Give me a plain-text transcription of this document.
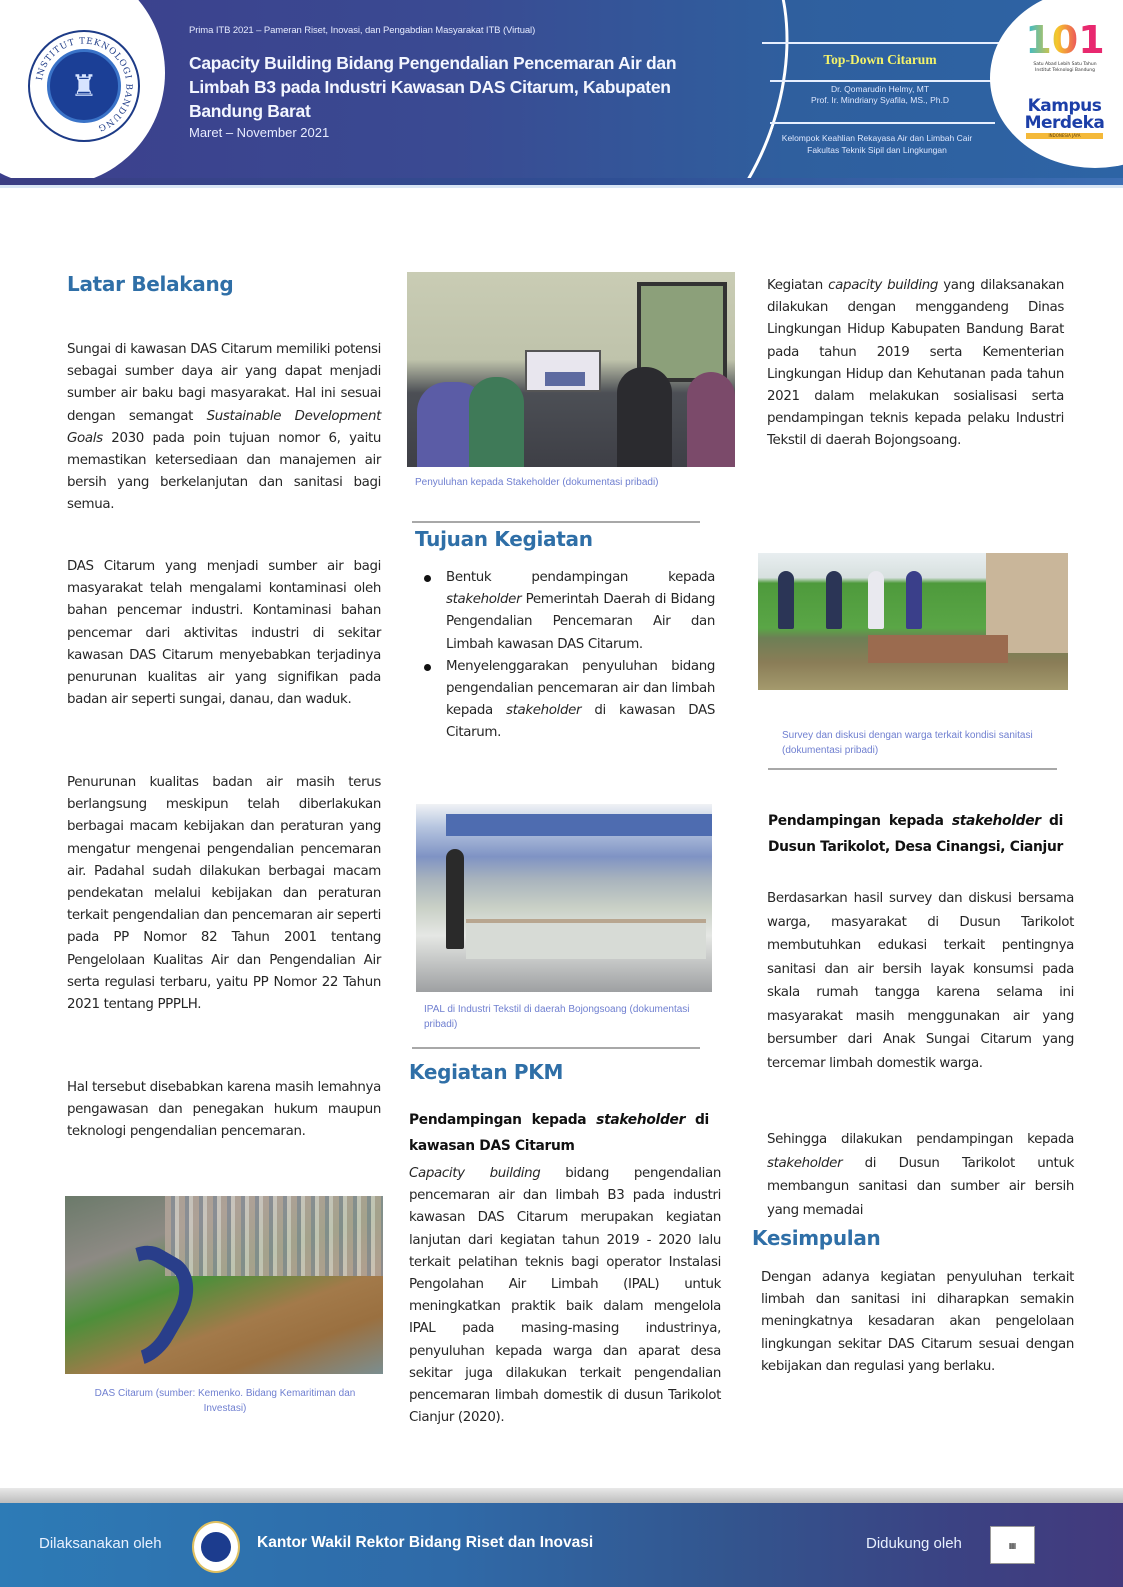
INSTITUT TEKNOLOGI BANDUNG
♜
Prima ITB 2021 – Pameran Riset, Inovasi, dan Pengabdian Masyarakat ITB (Virtual)
Capacity Building Bidang Pengendalian Pencemaran Air dan
Limbah B3 pada Industri Kawasan DAS Citarum, Kabupaten
Bandung Barat
Maret – November 2021
Top-Down Citarum
Dr. Qomarudin Helmy, MT
Prof. Ir. Mindriany Syafila, MS., Ph.D
Kelompok Keahlian Rekayasa Air dan Limbah Cair
Fakultas Teknik Sipil dan Lingkungan
101
Satu Abad Lebih Satu Tahun Institut Teknologi Bandung
Kampus
Merdeka
INDONESIA JAYA
Latar Belakang
Sungai di kawasan DAS Citarum memiliki potensi sebagai sumber daya air yang dapat menjadi sumber air baku bagi masyarakat. Hal ini sesuai dengan semangat Sustainable Development Goals 2030 pada poin tujuan nomor 6, yaitu memastikan ketersediaan dan manajemen air bersih yang berkelanjutan dan sanitasi bagi semua.
DAS Citarum yang menjadi sumber air bagi masyarakat telah mengalami kontaminasi oleh bahan pencemar industri. Kontaminasi bahan pencemar dari aktivitas industri di sekitar kawasan DAS Citarum menyebabkan terjadinya penurunan kualitas air yang signifikan pada badan air seperti sungai, danau, dan waduk.
Penurunan kualitas badan air masih terus berlangsung meskipun telah diberlakukan berbagai macam kebijakan dan peraturan yang mengatur mengenai pengendalian pencemaran air. Padahal sudah dilakukan berbagai macam pendekatan melalui kebijakan dan peraturan terkait pengendalian dan pencemaran air seperti pada PP Nomor 82 Tahun 2001 tentang Pengelolaan Kualitas Air dan Pengendalian Air serta regulasi terbaru, yaitu PP Nomor 22 Tahun 2021 tentang PPPLH.
Hal tersebut disebabkan karena masih lemahnya pengawasan dan penegakan hukum maupun teknologi pengendalian pencemaran.
DAS Citarum (sumber: Kemenko. Bidang Kemaritiman dan Investasi)
Penyuluhan kepada Stakeholder (dokumentasi pribadi)
Tujuan Kegiatan
Bentuk pendampingan kepada stakeholder Pemerintah Daerah di Bidang Pengendalian Pencemaran Air dan Limbah kawasan DAS Citarum.
Menyelenggarakan penyuluhan bidang pengendalian pencemaran air dan limbah kepada stakeholder di kawasan DAS Citarum.
IPAL di Industri Tekstil di daerah Bojongsoang (dokumentasi pribadi)
Kegiatan PKM
Pendampingan kepada stakeholder di kawasan DAS Citarum
Capacity building bidang pengendalian pencemaran air dan limbah B3 pada industri kawasan DAS Citarum merupakan kegiatan lanjutan dari kegiatan tahun 2019 - 2020 lalu terkait pelatihan teknis bagi operator Instalasi Pengolahan Air Limbah (IPAL) untuk meningkatkan praktik baik dalam mengelola IPAL pada masing-masing industrinya, penyuluhan kepada warga dan aparat desa sekitar juga dilakukan terkait pengendalian pencemaran limbah domestik di dusun Tarikolot Cianjur (2020).
Kegiatan capacity building yang dilaksanakan dilakukan dengan menggandeng Dinas Lingkungan Hidup Kabupaten Bandung Barat pada tahun 2019 serta Kementerian Lingkungan Hidup dan Kehutanan pada tahun 2021 dalam melakukan sosialisasi serta pendampingan teknis kepada pelaku Industri Tekstil di daerah Bojongsoang.
Survey dan diskusi dengan warga terkait kondisi sanitasi (dokumentasi pribadi)
Pendampingan kepada stakeholder di Dusun Tarikolot, Desa Cinangsi, Cianjur
Berdasarkan hasil survey dan diskusi bersama warga, masyarakat di Dusun Tarikolot membutuhkan edukasi terkait pentingnya sanitasi dan air bersih layak konsumsi pada skala rumah tangga karena selama ini masyarakat masih menggunakan air yang bersumber dari Anak Sungai Citarum yang tercemar limbah domestik warga.
Sehingga dilakukan pendampingan kepada stakeholder di Dusun Tarikolot untuk membangun sanitasi dan sumber air bersih yang memadai
Kesimpulan
Dengan adanya kegiatan penyuluhan terkait limbah dan sanitasi ini diharapkan semakin meningkatnya kesadaran akan pengelolaan lingkungan sekitar DAS Citarum sesuai dengan kebijakan dan regulasi yang berlaku.
Dilaksanakan oleh	Kantor Wakil Rektor Bidang Riset dan Inovasi	Didukung oleh	▦
